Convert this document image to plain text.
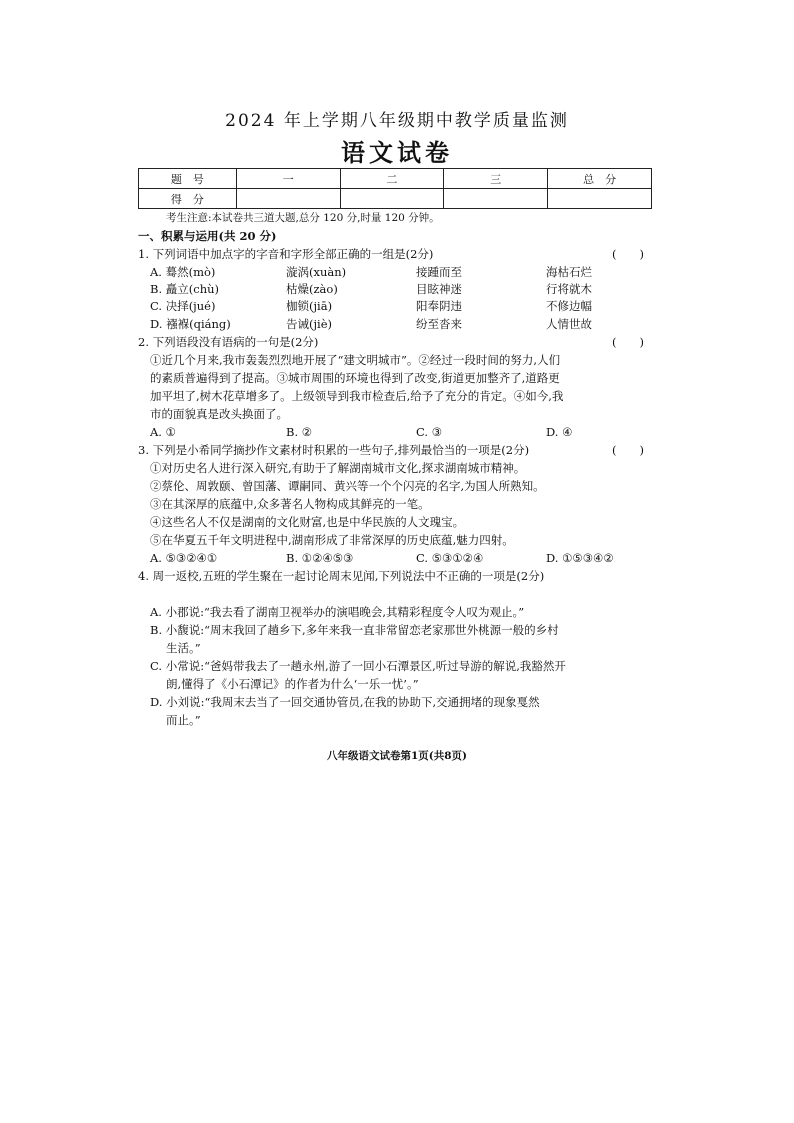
2024 年上学期八年级期中教学质量监测
语文试卷
题　号	一	二	三	总　分
得　分				
考生注意:本试卷共三道大题,总分 120 分,时量 120 分钟。
一、积累与运用(共 20 分)
1. 下列词语中加点字的字音和字形全部正确的一组是(2分)	(　　)
A. 蓦然(mò)	漩涡(xuàn)	接踵而至	海枯石烂
B. 矗立(chù)	枯燥(zào)	目眩神迷	行将就木
C. 决择(jué)	枷锁(jiā)	阳奉阴违	不修边幅
D. 襁褓(qiáng)	告诫(jiè)	纷至沓来	人情世故
2. 下列语段没有语病的一句是(2分)	(　　)
①近几个月来,我市轰轰烈烈地开展了“建文明城市”。②经过一段时间的努力,人们
的素质普遍得到了提高。③城市周围的环境也得到了改变,街道更加整齐了,道路更
加平坦了,树木花草增多了。上级领导到我市检查后,给予了充分的肯定。④如今,我
市的面貌真是改头换面了。
A. ①	B. ②	C. ③	D. ④
3. 下列是小希同学摘抄作文素材时积累的一些句子,排列最恰当的一项是(2分)	(　　)
①对历史名人进行深入研究,有助于了解湖南城市文化,探求湖南城市精神。
②蔡伦、周敦颐、曾国藩、谭嗣同、黄兴等一个个闪亮的名字,为国人所熟知。
③在其深厚的底蕴中,众多著名人物构成其鲜亮的一笔。
④这些名人不仅是湖南的文化财富,也是中华民族的人文瑰宝。
⑤在华夏五千年文明进程中,湖南形成了非常深厚的历史底蕴,魅力四射。
A. ⑤③②④①	B. ①②④⑤③	C. ⑤③①②④	D. ①⑤③④②
4. 周一返校,五班的学生聚在一起讨论周末见闻,下列说法中不正确的一项是(2分)
A. 小郡说:“我去看了湖南卫视举办的演唱晚会,其精彩程度令人叹为观止。”
B. 小馥说:“周末我回了趟乡下,多年来我一直非常留恋老家那世外桃源一般的乡村
生活。”
C. 小常说:“爸妈带我去了一趟永州,游了一回小石潭景区,听过导游的解说,我豁然开
朗,懂得了《小石潭记》的作者为什么‘一乐一忧’。”
D. 小刘说:“我周末去当了一回交通协管员,在我的协助下,交通拥堵的现象戛然
而止。”
八年级语文试卷第1页(共8页)
